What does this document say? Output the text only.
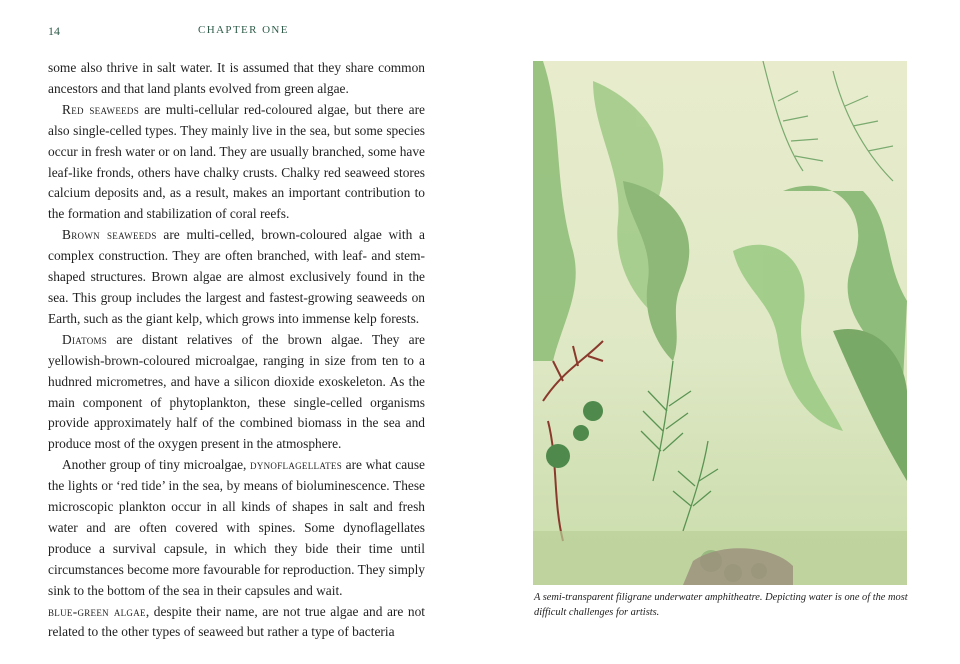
14	CHAPTER ONE

some also thrive in salt water. It is assumed that they share common ancestors and that land plants evolved from green algae.

Red seaweeds are multi-cellular red-coloured algae, but there are also single-celled types. They mainly live in the sea, but some species occur in fresh water or on land. They are usually branched, some have leaf-like fronds, others have chalky crusts. Chalky red seaweed stores calcium deposits and, as a result, makes an important contribution to the formation and stabilization of coral reefs.

Brown seaweeds are multi-celled, brown-coloured algae with a complex construction. They are often branched, with leaf- and stem-shaped structures. Brown algae are almost exclusively found in the sea. This group includes the largest and fastest-growing seaweeds on Earth, such as the giant kelp, which grows into immense kelp forests.

Diatoms are distant relatives of the brown algae. They are yellowish-brown-coloured microalgae, ranging in size from ten to a hudnred micrometres, and have a silicon dioxide exoskeleton. As the main component of phytoplankton, these single-celled organisms provide approximately half of the combined biomass in the sea and produce most of the oxygen present in the atmosphere.

Another group of tiny microalgae, dynoflagellates are what cause the lights or ‘red tide’ in the sea, by means of bioluminescence. These microscopic plankton occur in all kinds of shapes in salt and fresh water and are often covered with spines. Some dynoflagellates produce a survival capsule, in which they bide their time until circumstances become more favourable for reproduction. They simply sink to the bottom of the sea in their capsules and wait.

blue-green algae, despite their name, are not true algae and are not related to the other types of seaweed but rather a type of bacteria

A semi-transparent filigrane underwater amphitheatre. Depicting water is one of the most difficult challenges for artists.
